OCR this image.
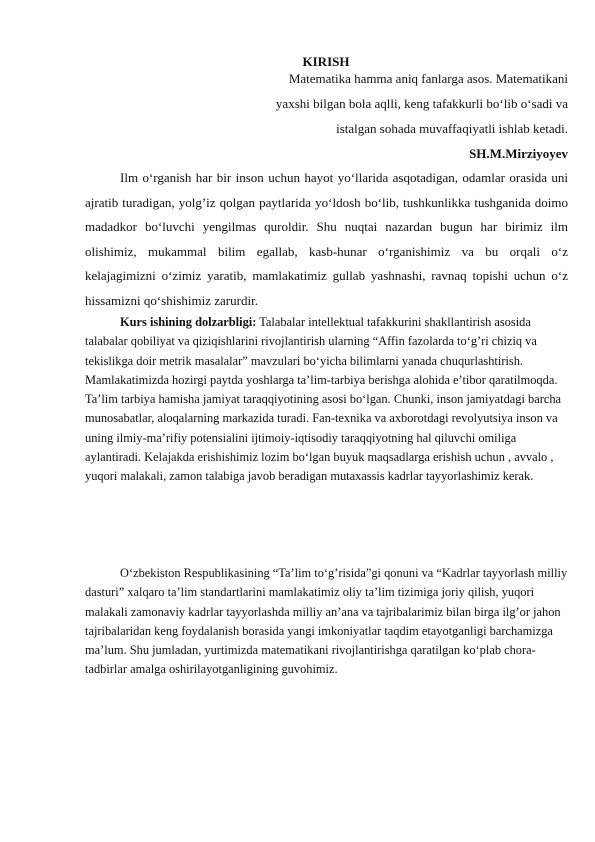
KIRISH
Matematika hamma aniq fanlarga asos. Matematikani
yaxshi bilgan bola aqlli, keng tafakkurli bo‘lib o‘sadi va
istalgan sohada muvaffaqiyatli ishlab ketadi.
SH.M.Mirziyoyev

Ilm o‘rganish har bir inson uchun hayot yo‘llarida asqotadigan, odamlar orasida uni ajratib turadigan, yolg’iz qolgan paytlarida yo‘ldosh bo‘lib, tushkunlikka tushganida doimo madadkor bo‘luvchi yengilmas quroldir. Shu nuqtai nazardan bugun har birimiz ilm olishimiz, mukammal bilim egallab, kasb-hunar o‘rganishimiz va bu orqali o‘z kelajagimizni o‘zimiz yaratib, mamlakatimiz gullab yashnashi, ravnaq topishi uchun o‘z hissamizni qo‘shishimiz zarurdir.

Kurs ishining dolzarbligi: Talabalar intellektual tafakkurini shakllantirish asosida talabalar qobiliyat va qiziqishlarini rivojlantirish ularning “Affin fazolarda to‘g’ri chiziq va tekislikga doir metrik masalalar” mavzulari bo‘yicha bilimlarni yanada chuqurlashtirish. Mamlakatimizda hozirgi paytda yoshlarga ta’lim-tarbiya berishga alohida e’tibor qaratilmoqda. Ta’lim tarbiya hamisha jamiyat taraqqiyotining asosi bo‘lgan. Chunki, inson jamiyatdagi barcha munosabatlar, aloqalarning markazida turadi. Fan-texnika va axborotdagi revolyutsiya inson va uning ilmiy-ma’rifiy potensialini ijtimoiy-iqtisodiy taraqqiyotning hal qiluvchi omiliga aylantiradi. Kelajakda erishishimiz lozim bo‘lgan buyuk maqsadlarga erishish uchun , avvalo , yuqori malakali, zamon talabiga javob beradigan mutaxassis kadrlar tayyorlashimiz kerak.

O‘zbekiston Respublikasining “Ta’lim to‘g’risida”gi qonuni va “Kadrlar tayyorlash milliy dasturi” xalqaro ta’lim standartlarini mamlakatimiz oliy ta’lim tizimiga joriy qilish, yuqori malakali zamonaviy kadrlar tayyorlashda milliy an’ana va tajribalarimiz bilan birga ilg’or jahon tajribalaridan keng foydalanish borasida yangi imkoniyatlar taqdim etayotganligi barchamizga ma’lum. Shu jumladan, yurtimizda matematikani rivojlantirishga qaratilgan ko‘plab chora-tadbirlar amalga oshirilayotganligining guvohimiz.
